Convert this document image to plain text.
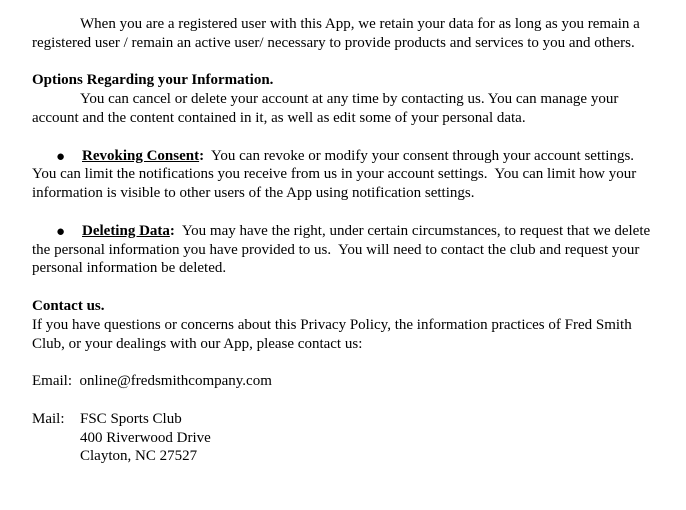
When you are a registered user with this App, we retain your data for as long as you remain a registered user / remain an active user/ necessary to provide products and services to you and others.

Options Regarding your Information.

You can cancel or delete your account at any time by contacting us. You can manage your account and the content contained in it, as well as edit some of your personal data.

● Revoking Consent:  You can revoke or modify your consent through your account settings.  You can limit the notifications you receive from us in your account settings.  You can limit how your information is visible to other users of the App using notification settings.

● Deleting Data:  You may have the right, under certain circumstances, to request that we delete the personal information you have provided to us.  You will need to contact the club and request your personal information be deleted.

Contact us.

If you have questions or concerns about this Privacy Policy, the information practices of Fred Smith Club, or your dealings with our App, please contact us:

Email:  online@fredsmithcompany.com

Mail:	FSC Sports Club
400 Riverwood Drive
Clayton, NC 27527
